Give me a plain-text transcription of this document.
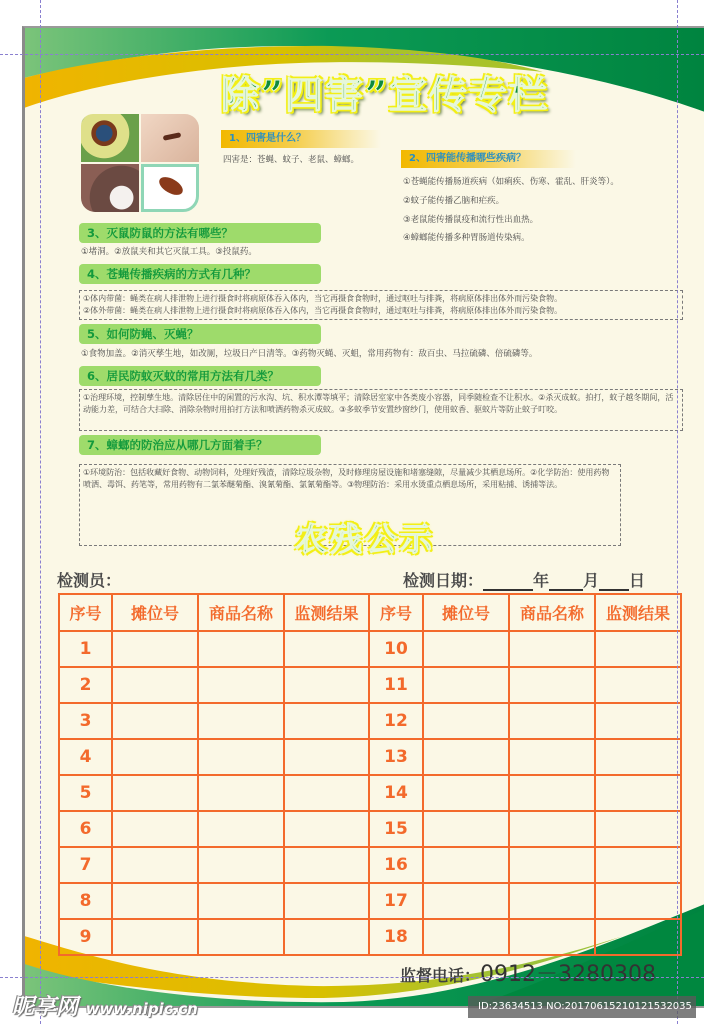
除”四害”宣传专栏
1、四害是什么？
四害是：苍蝇、蚊子、老鼠、蟑螂。	2、四害能传播哪些疾病？
①苍蝇能传播肠道疾病（如痢疾、伤寒、霍乱、肝炎等）。
②蚊子能传播乙脑和疟疾。
③老鼠能传播鼠疫和流行性出血热。
④蟑螂能传播多种胃肠道传染病。
3、灭鼠防鼠的方法有哪些？
①堵洞。②放鼠夹和其它灭鼠工具。③投鼠药。
4、苍蝇传播疾病的方式有几种？
①体内带菌：蝇类在病人排泄物上进行摄食时将病原体吞入体内，当它再摄食食物时，通过呕吐与排粪，将病原体排出体外而污染食物。
②体外带菌：蝇类在病人排泄物上进行摄食时将病原体吞入体内，当它再摄食食物时，通过呕吐与排粪，将病原体排出体外而污染食物。
5、如何防蝇、灭蝇？
①食物加盖。②消灭孳生地，如改厕，垃圾日产日清等。③药物灭蝇、灭蛆，常用药物有：敌百虫、马拉硫磷、倍硫磷等。
6、居民防蚊灭蚊的常用方法有几类？
①治理环境，控制孳生地。清除居住中的闲置的污水沟、坑、积水潭等填平；清除居室家中各类废小容器，同季随检查不让积水。②杀灭成蚊。拍打，蚊子越冬期间，活动能力差，可结合大扫除、消除杂物时用拍打方法和喷洒药物杀灭成蚊。③多蚊季节安置纱窗纱门，使用蚊香、驱蚊片等防止蚊子叮咬。
7、蟑螂的防治应从哪几方面着手？
①环境防治：包括收藏好食物、动物饲料，处理好残渣，清除垃圾杂物，及时修理房屋设施和堵塞缝隙，尽量减少其栖息场所。②化学防治：使用药物喷洒、毒饵、药笔等，常用药物有二氯苯醚菊酯、溴氰菊酯、氯氰菊酯等。③物理防治：采用水烫重点栖息场所，采用粘捕、诱捕等法。
农残公示
检测员：	检测日期：	年 月 日
序号	摊位号	商品名称	监测结果	序号	摊位号	商品名称	监测结果
1				10			
2				11			
3				12			
4				13			
5				14			
6				15			
7				16			
8				17			
9				18			
监督电话：0912－3280308
昵享网 www.nipic.cn	ID:23634513 NO:20170615210121532035
